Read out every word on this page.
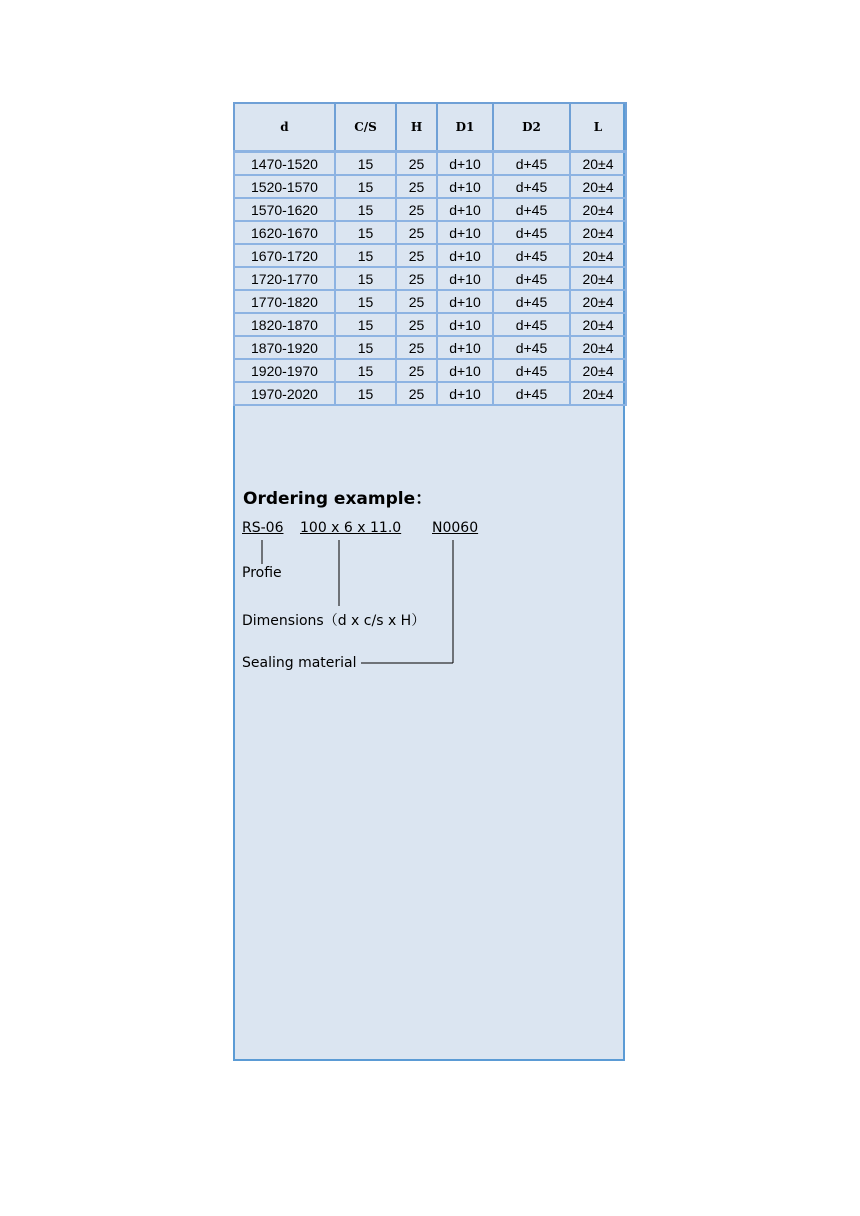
d	C/S	H	D1	D2	L
1470-1520	15	25	d+10	d+45	20±4
1520-1570	15	25	d+10	d+45	20±4
1570-1620	15	25	d+10	d+45	20±4
1620-1670	15	25	d+10	d+45	20±4
1670-1720	15	25	d+10	d+45	20±4
1720-1770	15	25	d+10	d+45	20±4
1770-1820	15	25	d+10	d+45	20±4
1820-1870	15	25	d+10	d+45	20±4
1870-1920	15	25	d+10	d+45	20±4
1920-1970	15	25	d+10	d+45	20±4
1970-2020	15	25	d+10	d+45	20±4
Ordering example：
RS-06 100 x 6 x 11.0 N0060
Profie
Dimensions（d x c/s x H）
Sealing material
